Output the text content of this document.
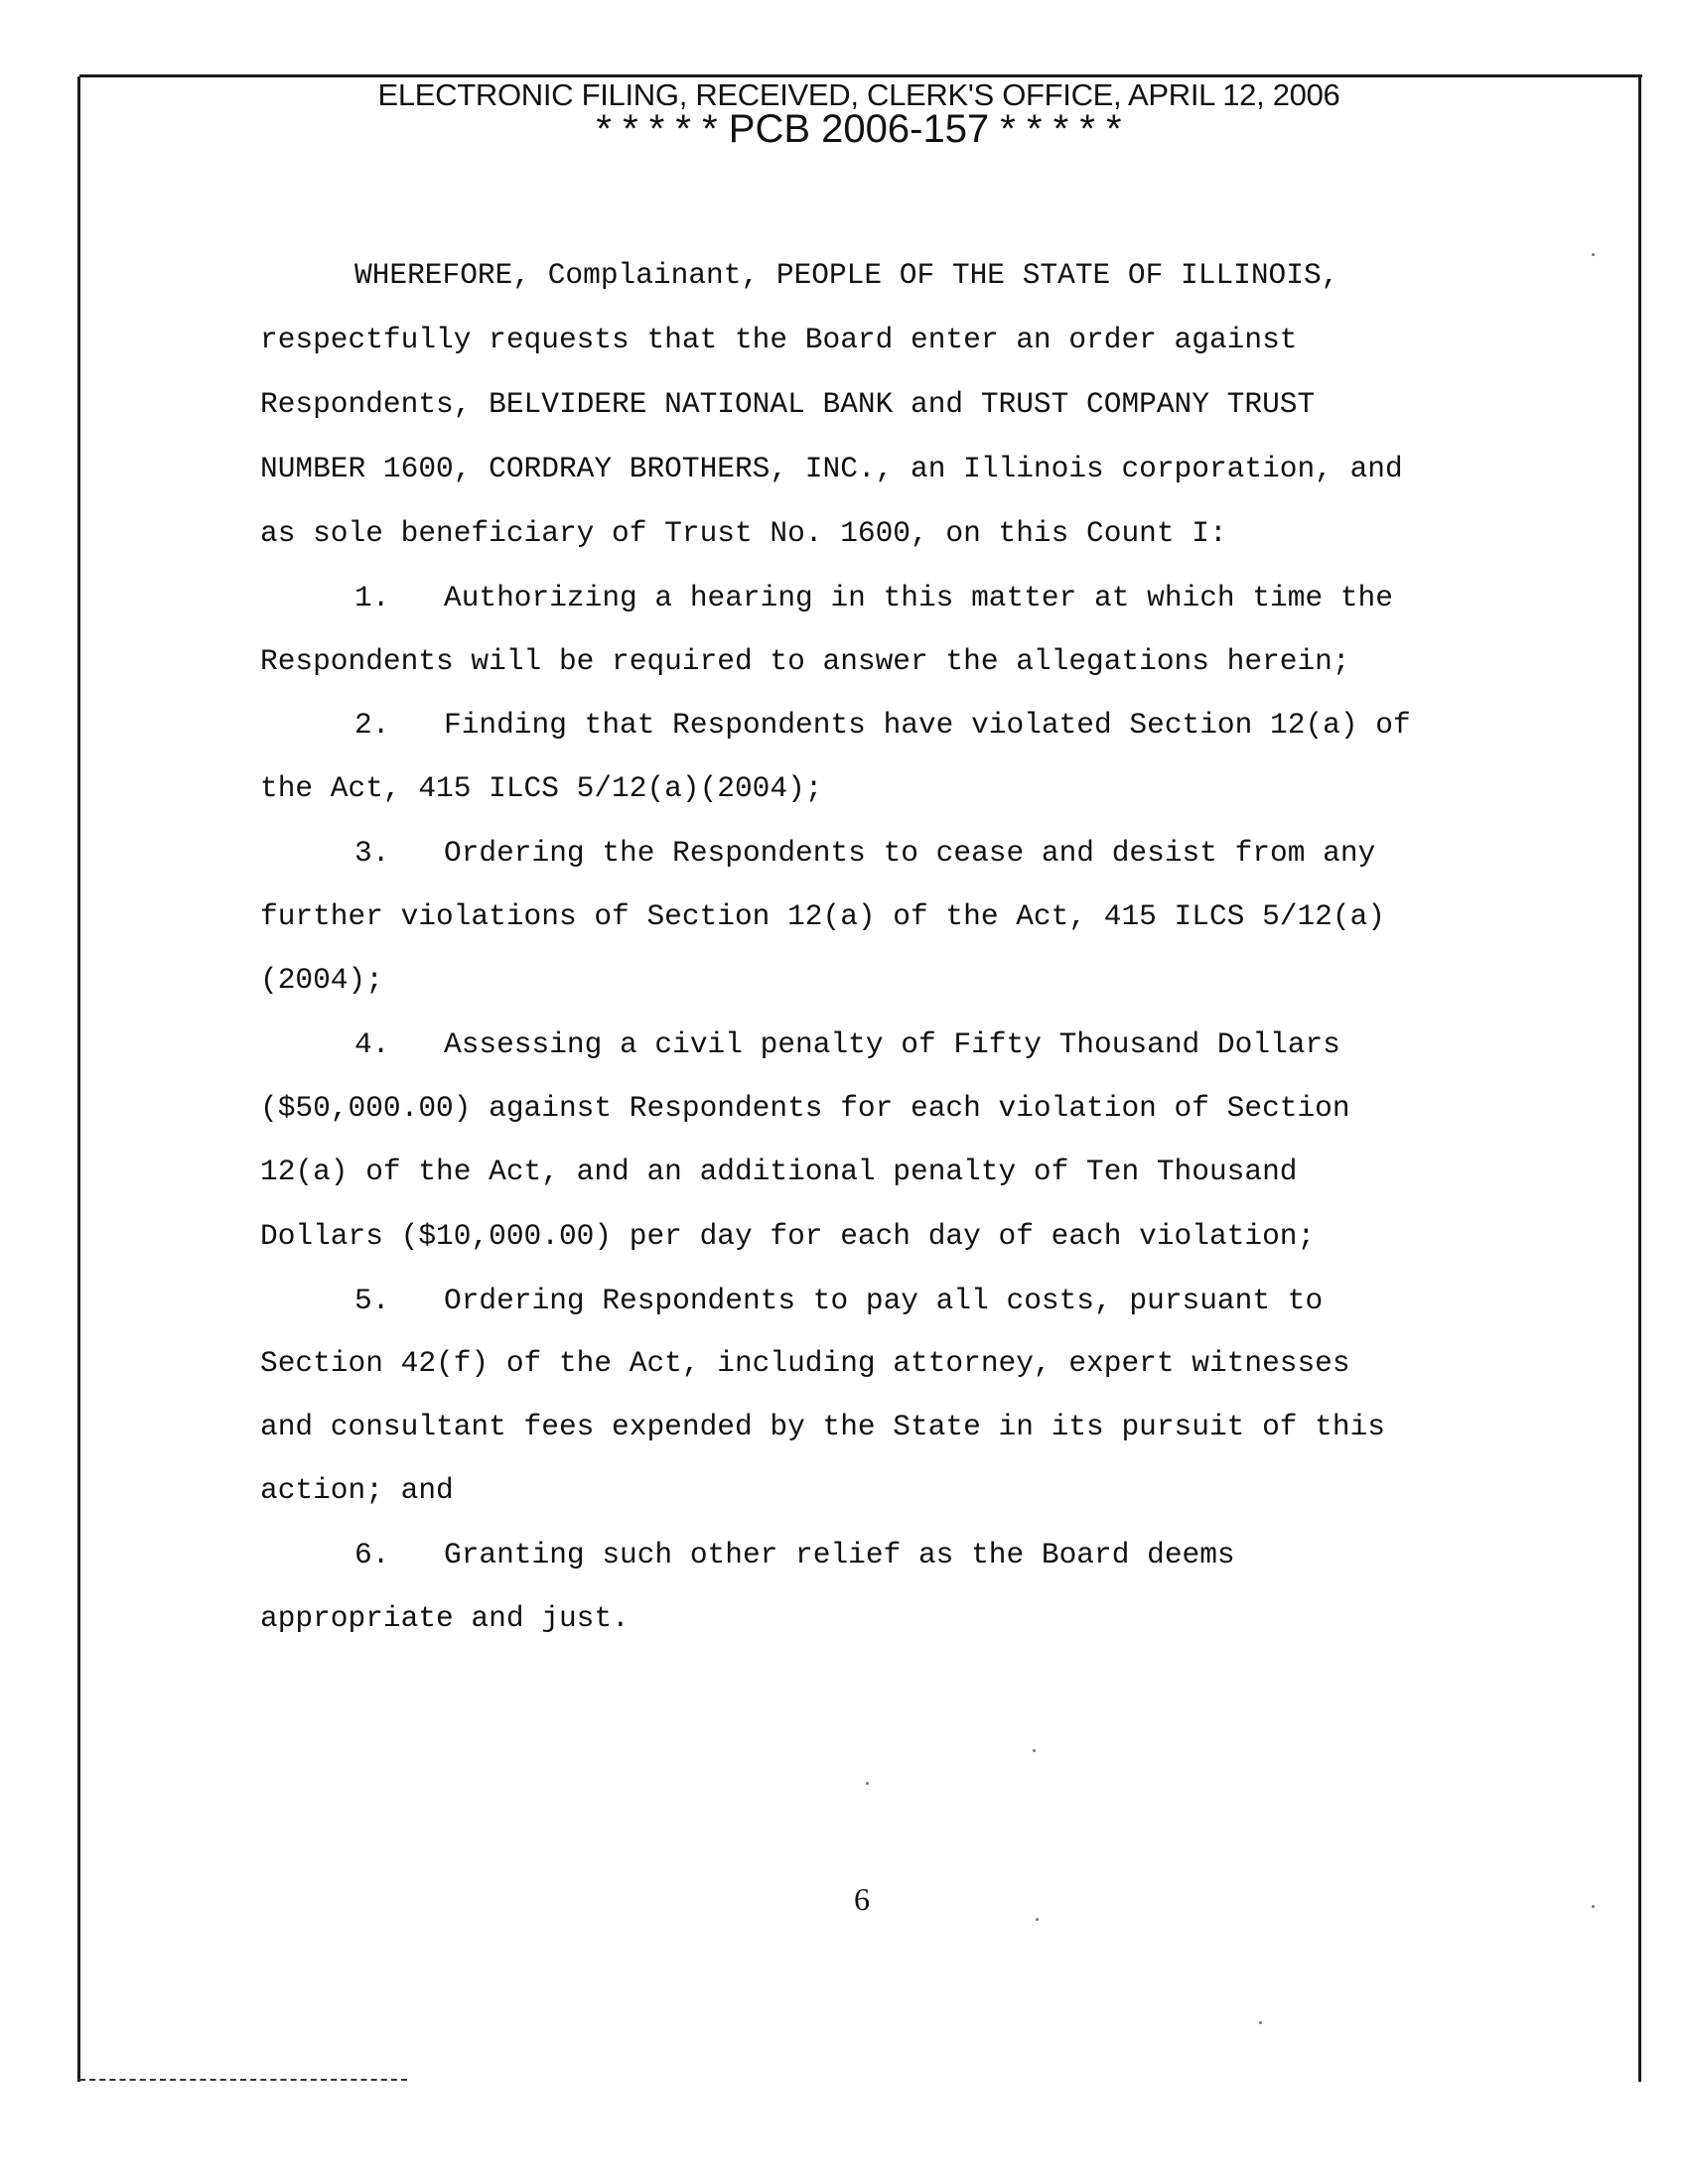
ELECTRONIC FILING, RECEIVED, CLERK'S OFFICE, APRIL 12, 2006
* * * * * PCB 2006-157 * * * * *
WHEREFORE, Complainant, PEOPLE OF THE STATE OF ILLINOIS,
respectfully requests that the Board enter an order against
Respondents, BELVIDERE NATIONAL BANK and TRUST COMPANY TRUST
NUMBER 1600, CORDRAY BROTHERS, INC., an Illinois corporation, and
as sole beneficiary of Trust No. 1600, on this Count I:
1. Authorizing a hearing in this matter at which time the
Respondents will be required to answer the allegations herein;
2. Finding that Respondents have violated Section 12(a) of
the Act, 415 ILCS 5/12(a)(2004);
3. Ordering the Respondents to cease and desist from any
further violations of Section 12(a) of the Act, 415 ILCS 5/12(a)
(2004);
4. Assessing a civil penalty of Fifty Thousand Dollars
($50,000.00) against Respondents for each violation of Section
12(a) of the Act, and an additional penalty of Ten Thousand
Dollars ($10,000.00) per day for each day of each violation;
5. Ordering Respondents to pay all costs, pursuant to
Section 42(f) of the Act, including attorney, expert witnesses
and consultant fees expended by the State in its pursuit of this
action; and
6. Granting such other relief as the Board deems
appropriate and just.
6
